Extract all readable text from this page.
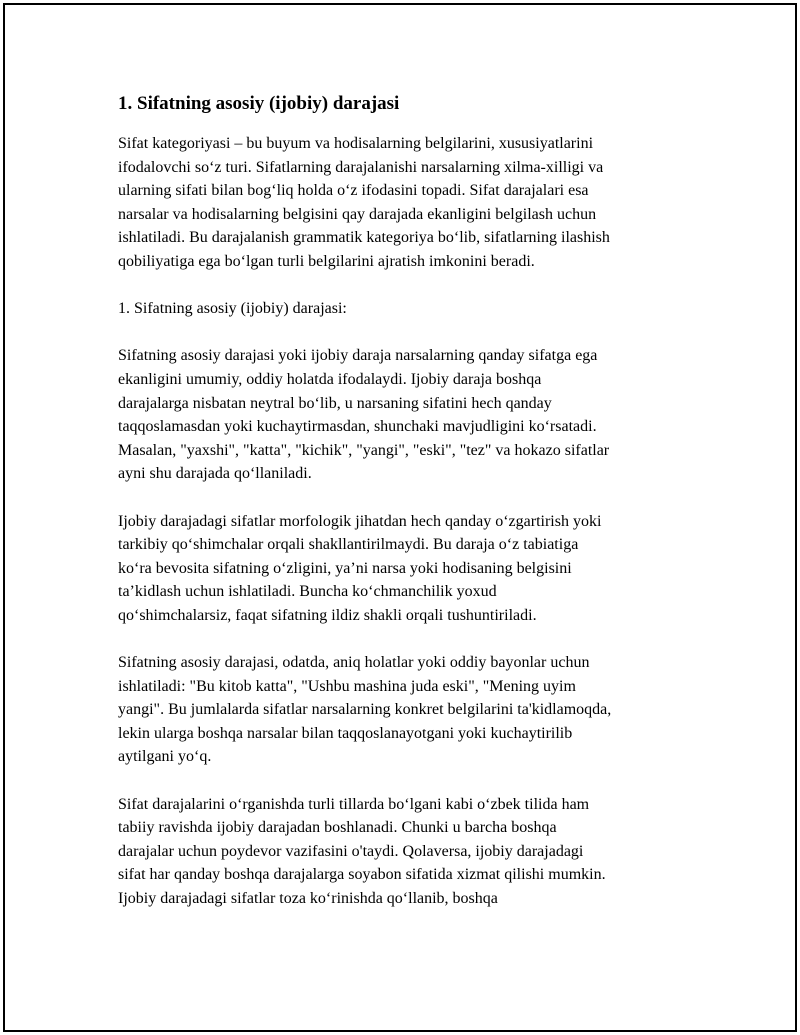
1. Sifatning asosiy (ijobiy) darajasi
Sifat kategoriyasi – bu buyum va hodisalarning belgilarini, xususiyatlarini
ifodalovchi so‘z turi. Sifatlarning darajalanishi narsalarning xilma-xilligi va
ularning sifati bilan bog‘liq holda o‘z ifodasini topadi. Sifat darajalari esa
narsalar va hodisalarning belgisini qay darajada ekanligini belgilash uchun
ishlatiladi. Bu darajalanish grammatik kategoriya bo‘lib, sifatlarning ilashish
qobiliyatiga ega bo‘lgan turli belgilarini ajratish imkonini beradi.
1. Sifatning asosiy (ijobiy) darajasi:
Sifatning asosiy darajasi yoki ijobiy daraja narsalarning qanday sifatga ega
ekanligini umumiy, oddiy holatda ifodalaydi. Ijobiy daraja boshqa
darajalarga nisbatan neytral bo‘lib, u narsaning sifatini hech qanday
taqqoslamasdan yoki kuchaytirmasdan, shunchaki mavjudligini ko‘rsatadi.
Masalan, "yaxshi", "katta", "kichik", "yangi", "eski", "tez" va hokazo sifatlar
ayni shu darajada qo‘llaniladi.
Ijobiy darajadagi sifatlar morfologik jihatdan hech qanday o‘zgartirish yoki
tarkibiy qo‘shimchalar orqali shakllantirilmaydi. Bu daraja o‘z tabiatiga
ko‘ra bevosita sifatning o‘zligini, ya’ni narsa yoki hodisaning belgisini
ta’kidlash uchun ishlatiladi. Buncha ko‘chmanchilik yoxud
qo‘shimchalarsiz, faqat sifatning ildiz shakli orqali tushuntiriladi.
Sifatning asosiy darajasi, odatda, aniq holatlar yoki oddiy bayonlar uchun
ishlatiladi: "Bu kitob katta", "Ushbu mashina juda eski", "Mening uyim
yangi". Bu jumlalarda sifatlar narsalarning konkret belgilarini ta'kidlamoqda,
lekin ularga boshqa narsalar bilan taqqoslanayotgani yoki kuchaytirilib
aytilgani yo‘q.
Sifat darajalarini o‘rganishda turli tillarda bo‘lgani kabi o‘zbek tilida ham
tabiiy ravishda ijobiy darajadan boshlanadi. Chunki u barcha boshqa
darajalar uchun poydevor vazifasini o'taydi. Qolaversa, ijobiy darajadagi
sifat har qanday boshqa darajalarga soyabon sifatida xizmat qilishi mumkin.
Ijobiy darajadagi sifatlar toza ko‘rinishda qo‘llanib, boshqa
